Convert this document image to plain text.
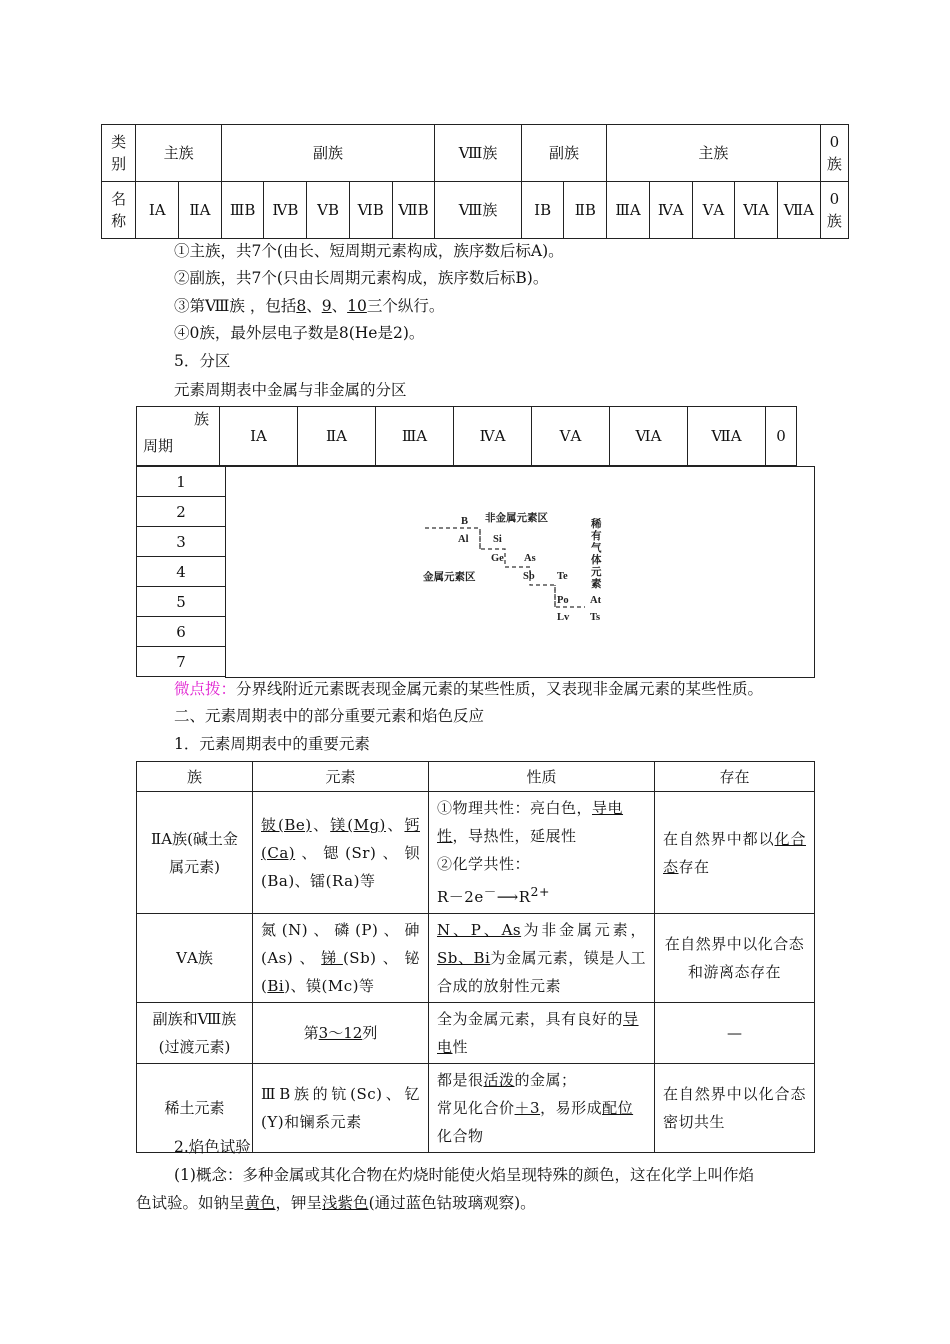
类别	主族		副族					Ⅷ族	副族		主族					0族
名称	ⅠA	ⅡA	ⅢB	ⅣB	ⅤB	ⅥB	ⅦB	Ⅷ族	ⅠB	ⅡB	ⅢA	ⅣA	ⅤA	ⅥA	ⅦA	0族
①主族，共7个(由长、短周期元素构成，族序数后标A)。
②副族，共7个(只由长周期元素构成，族序数后标B)。
③第Ⅷ族 ，包括8、9、10三个纵行。
④0族，最外层电子数是8(He是2)。
5．分区
元素周期表中金属与非金属的分区
族
周期
	ⅠA	ⅡA	ⅢA	ⅣA	ⅤA	ⅥA	ⅦA	0
1
2
3
4
5
6
7
B
Al Si
Ge As
Sb Te
Po At
Lv Ts
非金属元素区
金属元素区
稀
有
气
体
元
素
微点拨：分界线附近元素既表现金属元素的某些性质，又表现非金属元素的某些性质。
二、元素周期表中的部分重要元素和焰色反应
1．元素周期表中的重要元素
族	元素	性质	存在
ⅡA族(碱土金
属元素)	铍(Be)、镁(Mg)、钙(Ca)、锶(Sr)、钡(Ba)、镭(Ra)等	①物理共性：亮白色，导电性，导热性，延展性
②化学共性：
$R-2e^-⟶R^{2+}$	在自然界中都以化合态存在
ⅤA族	氮(N)、磷(P)、砷(As)、锑(Sb)、铋(Bi)、镆(Mc)等	N、P、As为非金属元素，Sb、Bi为金属元素，镆是人工合成的放射性元素	在自然界中以化合态和游离态存在
副族和Ⅷ族
(过渡元素)	第3～12列	全为金属元素，具有良好的导电性	—
稀土元素	ⅢB族的钪(Sc)、钇(Y)和镧系元素	都是很活泼的金属；
常见化合价＋3，易形成配位化合物	在自然界中以化合态密切共生
2.焰色试验
(1)概念：多种金属或其化合物在灼烧时能使火焰呈现特殊的颜色，这在化学上叫作焰
色试验。如钠呈黄色，钾呈浅紫色(通过蓝色钴玻璃观察)。
